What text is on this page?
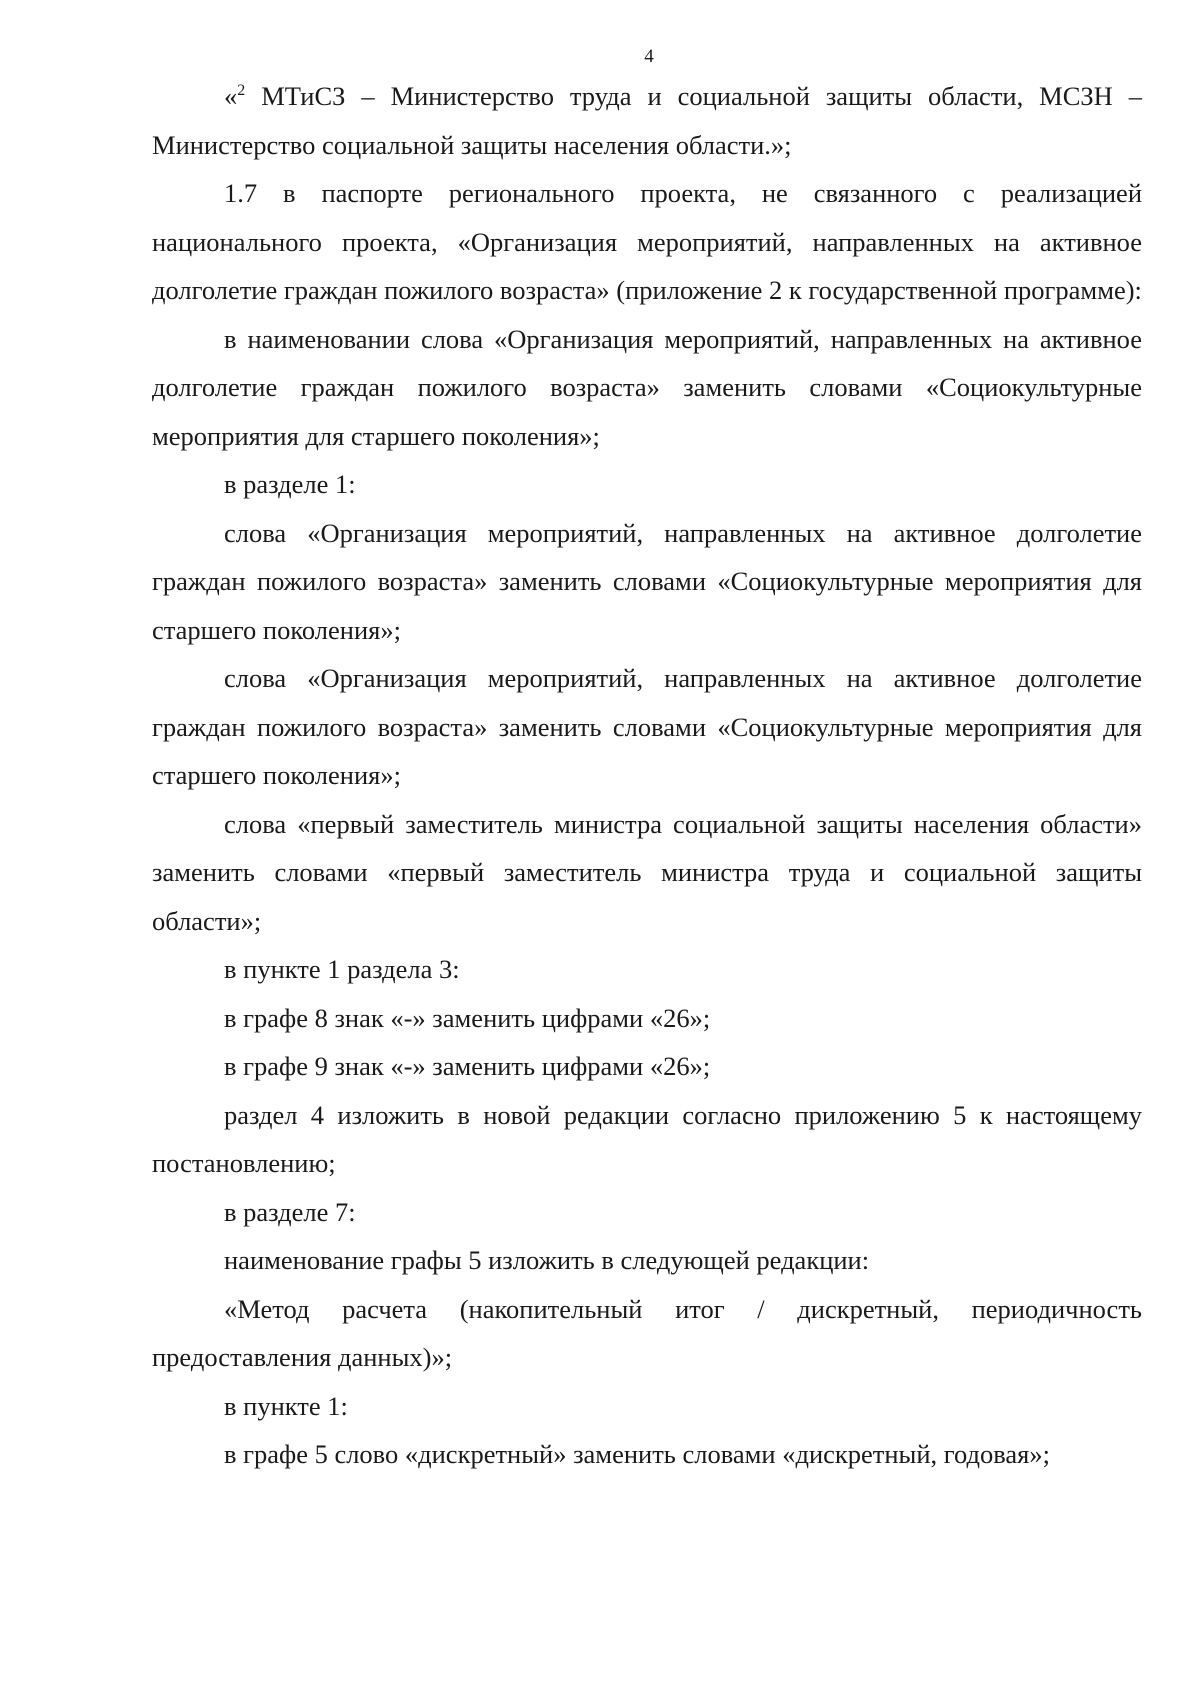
4

«$^2$ МТиСЗ – Министерство труда и социальной защиты области, МСЗН – Министерство социальной защиты населения области.»;

1.7 в паспорте регионального проекта, не связанного с реализацией национального проекта, «Организация мероприятий, направленных на активное долголетие граждан пожилого возраста» (приложение 2 к государственной программе):

в наименовании слова «Организация мероприятий, направленных на активное долголетие граждан пожилого возраста» заменить словами «Социокультурные мероприятия для старшего поколения»;

в разделе 1:

слова «Организация мероприятий, направленных на активное долголетие граждан пожилого возраста» заменить словами «Социокультурные мероприятия для старшего поколения»;

слова «Организация мероприятий, направленных на активное долголетие граждан пожилого возраста» заменить словами «Социокультурные мероприятия для старшего поколения»;

слова «первый заместитель министра социальной защиты населения области» заменить словами «первый заместитель министра труда и социальной защиты области»;

в пункте 1 раздела 3:

в графе 8 знак «-» заменить цифрами «26»;

в графе 9 знак «-» заменить цифрами «26»;

раздел 4 изложить в новой редакции согласно приложению 5 к настоящему постановлению;

в разделе 7:

наименование графы 5 изложить в следующей редакции:

«Метод расчета (накопительный итог / дискретный, периодичность предоставления данных)»;

в пункте 1:

в графе 5 слово «дискретный» заменить словами «дискретный, годовая»;
